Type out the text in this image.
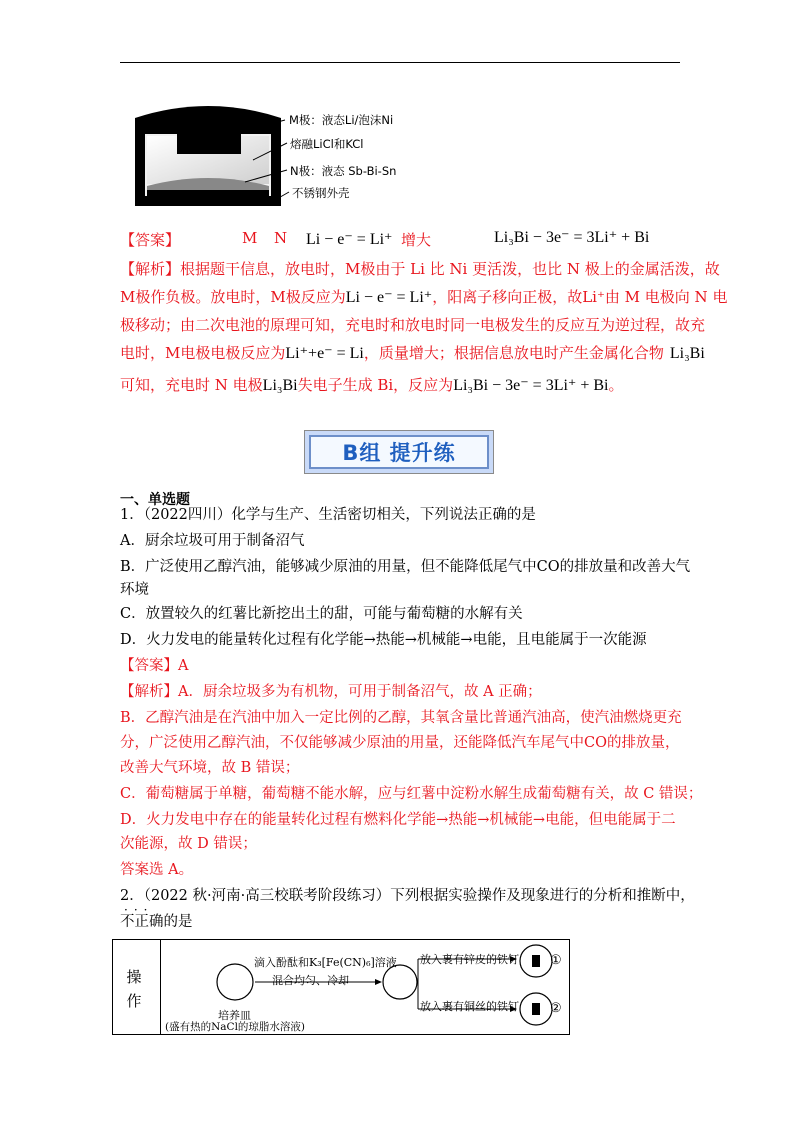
M极：液态Li/泡沫Ni
熔融LiCl和KCl
N极：液态 Sb-Bi-Sn
不锈钢外壳
【答案】	M N Li − e⁻ = Li⁺ 增大	Li₃Bi − 3e⁻ = 3Li⁺ + Bi
【解析】根据题干信息，放电时，M极由于 Li 比 Ni 更活泼，也比 N 极上的金属活泼，故
M极作负极。放电时，M极反应为Li − e⁻ = Li⁺，阳离子移向正极，故Li⁺由 M 电极向 N 电
极移动；由二次电池的原理可知，充电时和放电时同一电极发生的反应互为逆过程，故充
电时，M电极电极反应为Li⁺+e⁻ = Li，质量增大；根据信息放电时产生金属化合物 Li₃Bi
可知，充电时 N 电极Li₃Bi失电子生成 Bi，反应为Li₃Bi − 3e⁻ = 3Li⁺ + Bi。
B组 提升练
一、单选题
1．（2022四川）化学与生产、生活密切相关，下列说法正确的是
A．厨余垃圾可用于制备沼气
B．广泛使用乙醇汽油，能够减少原油的用量，但不能降低尾气中CO的排放量和改善大气
环境
C．放置较久的红薯比新挖出土的甜，可能与葡萄糖的水解有关
D．火力发电的能量转化过程有化学能→热能→机械能→电能，且电能属于一次能源
【答案】A
【解析】A．厨余垃圾多为有机物，可用于制备沼气，故 A 正确；
B．乙醇汽油是在汽油中加入一定比例的乙醇，其氧含量比普通汽油高，使汽油燃烧更充
分，广泛使用乙醇汽油，不仅能够减少原油的用量，还能降低汽车尾气中CO的排放量，
改善大气环境，故 B 错误；
C．葡萄糖属于单糖，葡萄糖不能水解，应与红薯中淀粉水解生成葡萄糖有关，故 C 错误；
D．火力发电中存在的能量转化过程有燃料化学能→热能→机械能→电能，但电能属于二
次能源，故 D 错误；
答案选 A。
2．（2022 秋·河南·高三校联考阶段练习）下列根据实验操作及现象进行的分析和推断中，
···
不正确的是
操
作
滴入酚酞和K₃[Fe(CN)₆]溶液
混合均匀、冷却
培养皿
(盛有热的NaCl的琼脂水溶液)
放入裹有锌皮的铁钉
放入裹有铜丝的铁钉
①
②
